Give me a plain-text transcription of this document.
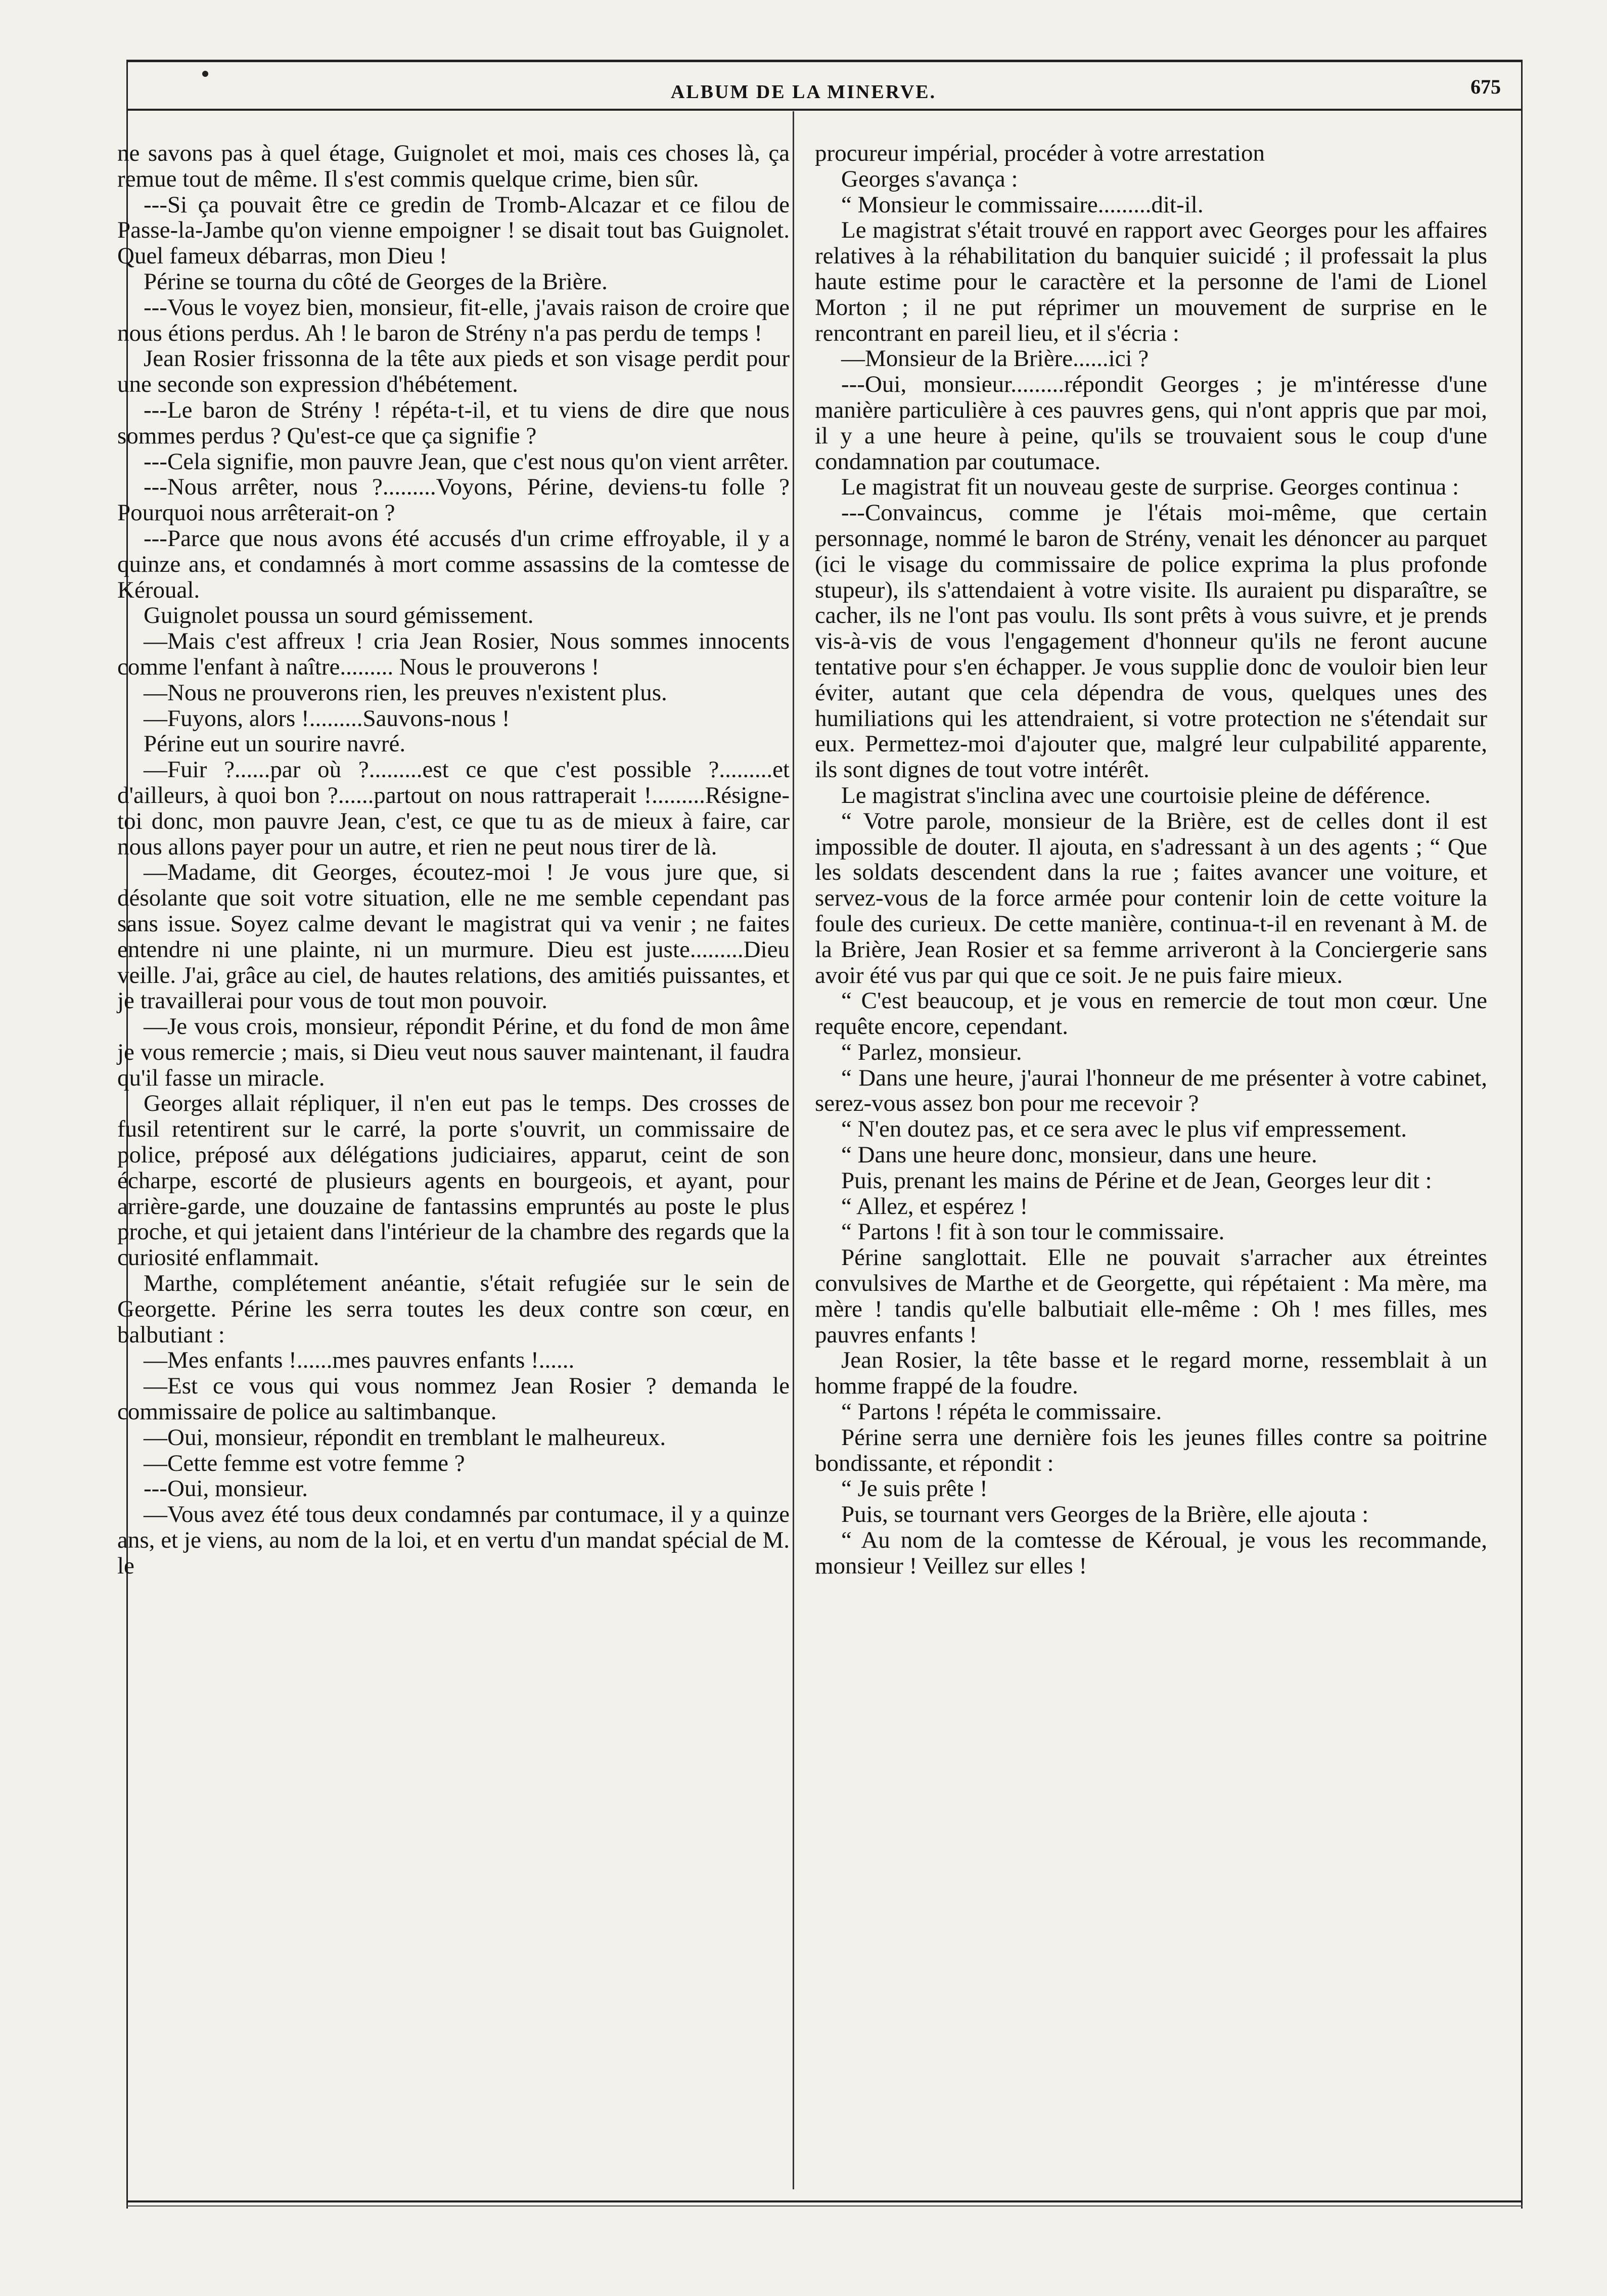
ALBUM DE LA MINERVE.	675

ne savons pas à quel étage, Guignolet et moi, mais ces choses là, ça remue tout de même. Il s'est commis quelque crime, bien sûr.

---Si ça pouvait être ce gredin de Tromb-Alcazar et ce filou de Passe-la-Jambe qu'on vienne empoigner ! se disait tout bas Guignolet. Quel fameux débarras, mon Dieu !

Périne se tourna du côté de Georges de la Brière.

---Vous le voyez bien, monsieur, fit-elle, j'avais raison de croire que nous étions perdus. Ah ! le baron de Strény n'a pas perdu de temps !

Jean Rosier frissonna de la tête aux pieds et son visage perdit pour une seconde son expression d'hébétement.

---Le baron de Strény ! répéta-t-il, et tu viens de dire que nous sommes perdus ? Qu'est-ce que ça signifie ?

---Cela signifie, mon pauvre Jean, que c'est nous qu'on vient arrêter.

---Nous arrêter, nous ?.........Voyons, Périne, deviens-tu folle ? Pourquoi nous arrêterait-on ?

---Parce que nous avons été accusés d'un crime effroyable, il y a quinze ans, et condamnés à mort comme assassins de la comtesse de Kéroual.

Guignolet poussa un sourd gémissement.

—Mais c'est affreux ! cria Jean Rosier, Nous sommes innocents comme l'enfant à naître......... Nous le prouverons !

—Nous ne prouverons rien, les preuves n'existent plus.

—Fuyons, alors !.........Sauvons-nous !

Périne eut un sourire navré.

—Fuir ?......par où ?.........est ce que c'est possible ?.........et d'ailleurs, à quoi bon ?......partout on nous rattraperait !.........Résigne-toi donc, mon pauvre Jean, c'est, ce que tu as de mieux à faire, car nous allons payer pour un autre, et rien ne peut nous tirer de là.

—Madame, dit Georges, écoutez-moi ! Je vous jure que, si désolante que soit votre situation, elle ne me semble cependant pas sans issue. Soyez calme devant le magistrat qui va venir ; ne faites entendre ni une plainte, ni un murmure. Dieu est juste.........Dieu veille. J'ai, grâce au ciel, de hautes relations, des amitiés puissantes, et je travaillerai pour vous de tout mon pouvoir.

—Je vous crois, monsieur, répondit Périne, et du fond de mon âme je vous remercie ; mais, si Dieu veut nous sauver maintenant, il faudra qu'il fasse un miracle.

Georges allait répliquer, il n'en eut pas le temps. Des crosses de fusil retentirent sur le carré, la porte s'ouvrit, un commissaire de police, préposé aux délégations judiciaires, apparut, ceint de son écharpe, escorté de plusieurs agents en bourgeois, et ayant, pour arrière-garde, une douzaine de fantassins empruntés au poste le plus proche, et qui jetaient dans l'intérieur de la chambre des regards que la curiosité enflammait.

Marthe, complétement anéantie, s'était refugiée sur le sein de Georgette. Périne les serra toutes les deux contre son cœur, en balbutiant :

—Mes enfants !......mes pauvres enfants !......

—Est ce vous qui vous nommez Jean Rosier ? demanda le commissaire de police au saltimbanque.

—Oui, monsieur, répondit en tremblant le malheureux.

—Cette femme est votre femme ?

---Oui, monsieur.

—Vous avez été tous deux condamnés par contumace, il y a quinze ans, et je viens, au nom de la loi, et en vertu d'un mandat spécial de M. le

procureur impérial, procéder à votre arrestation

Georges s'avança :

“ Monsieur le commissaire.........dit-il.

Le magistrat s'était trouvé en rapport avec Georges pour les affaires relatives à la réhabilitation du banquier suicidé ; il professait la plus haute estime pour le caractère et la personne de l'ami de Lionel Morton ; il ne put réprimer un mouvement de surprise en le rencontrant en pareil lieu, et il s'écria :

—Monsieur de la Brière......ici ?

---Oui, monsieur.........répondit Georges ; je m'intéresse d'une manière particulière à ces pauvres gens, qui n'ont appris que par moi, il y a une heure à peine, qu'ils se trouvaient sous le coup d'une condamnation par coutumace.

Le magistrat fit un nouveau geste de surprise. Georges continua :

---Convaincus, comme je l'étais moi-même, que certain personnage, nommé le baron de Strény, venait les dénoncer au parquet (ici le visage du commissaire de police exprima la plus profonde stupeur), ils s'attendaient à votre visite. Ils auraient pu disparaître, se cacher, ils ne l'ont pas voulu. Ils sont prêts à vous suivre, et je prends vis-à-vis de vous l'engagement d'honneur qu'ils ne feront aucune tentative pour s'en échapper. Je vous supplie donc de vouloir bien leur éviter, autant que cela dépendra de vous, quelques unes des humiliations qui les attendraient, si votre protection ne s'étendait sur eux. Permettez-moi d'ajouter que, malgré leur culpabilité apparente, ils sont dignes de tout votre intérêt.

Le magistrat s'inclina avec une courtoisie pleine de déférence.

“ Votre parole, monsieur de la Brière, est de celles dont il est impossible de douter. Il ajouta, en s'adressant à un des agents ; “ Que les soldats descendent dans la rue ; faites avancer une voiture, et servez-vous de la force armée pour contenir loin de cette voiture la foule des curieux. De cette manière, continua-t-il en revenant à M. de la Brière, Jean Rosier et sa femme arriveront à la Conciergerie sans avoir été vus par qui que ce soit. Je ne puis faire mieux.

“ C'est beaucoup, et je vous en remercie de tout mon cœur. Une requête encore, cependant.

“ Parlez, monsieur.

“ Dans une heure, j'aurai l'honneur de me présenter à votre cabinet, serez-vous assez bon pour me recevoir ?

“ N'en doutez pas, et ce sera avec le plus vif empressement.

“ Dans une heure donc, monsieur, dans une heure.

Puis, prenant les mains de Périne et de Jean, Georges leur dit :

“ Allez, et espérez !

“ Partons ! fit à son tour le commissaire.

Périne sanglottait. Elle ne pouvait s'arracher aux étreintes convulsives de Marthe et de Georgette, qui répétaient : Ma mère, ma mère ! tandis qu'elle balbutiait elle-même : Oh ! mes filles, mes pauvres enfants !

Jean Rosier, la tête basse et le regard morne, ressemblait à un homme frappé de la foudre.

“ Partons ! répéta le commissaire.

Périne serra une dernière fois les jeunes filles contre sa poitrine bondissante, et répondit :

“ Je suis prête !

Puis, se tournant vers Georges de la Brière, elle ajouta :

“ Au nom de la comtesse de Kéroual, je vous les recommande, monsieur ! Veillez sur elles !
